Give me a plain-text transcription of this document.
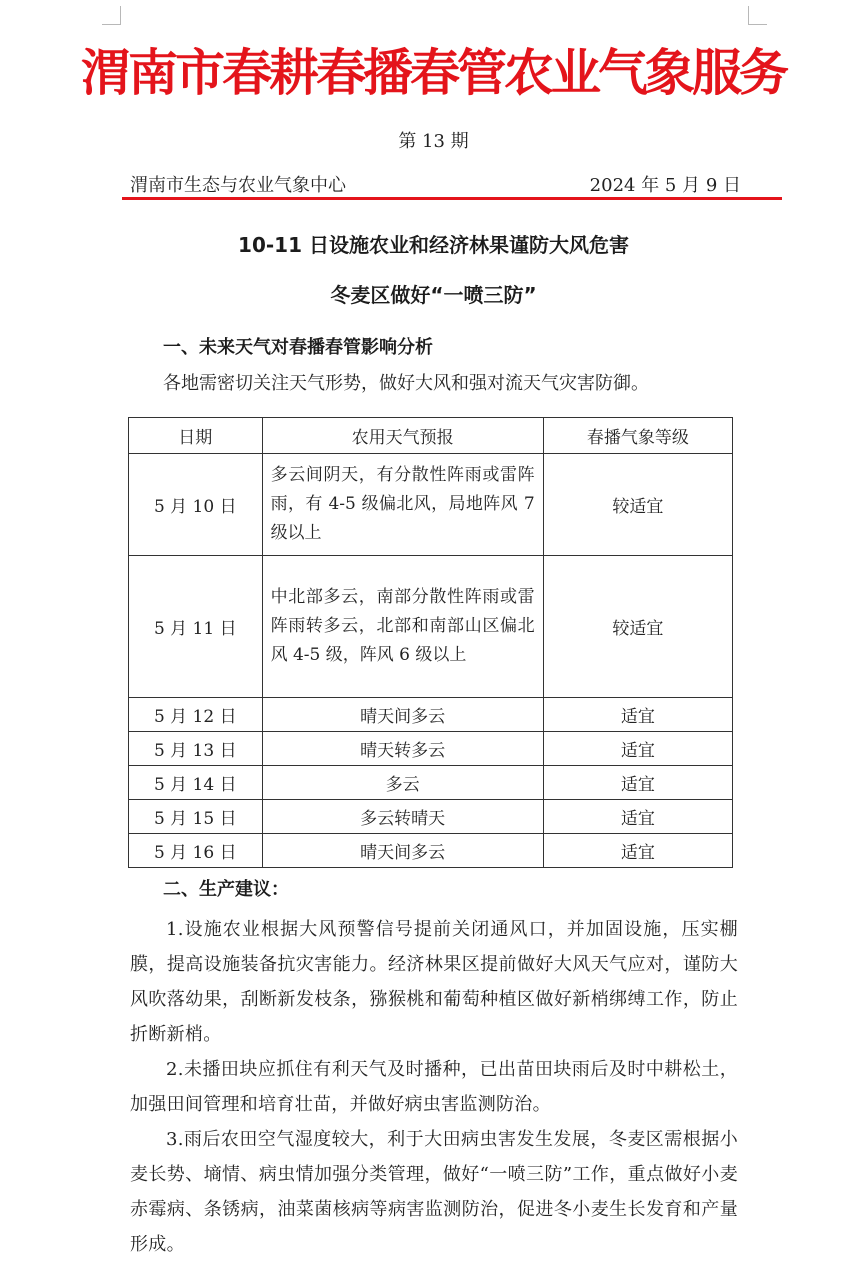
渭南市春耕春播春管农业气象服务
第 13 期
渭南市生态与农业气象中心	2024 年 5 月 9 日
10-11 日设施农业和经济林果谨防大风危害
冬麦区做好“一喷三防”
一、未来天气对春播春管影响分析
各地需密切关注天气形势，做好大风和强对流天气灾害防御。
日期	农用天气预报	春播气象等级
5 月 10 日	多云间阴天，有分散性阵雨或雷阵雨，有 4-5 级偏北风，局地阵风 7 级以上	较适宜
5 月 11 日	中北部多云，南部分散性阵雨或雷阵雨转多云，北部和南部山区偏北风 4-5 级，阵风 6 级以上	较适宜
5 月 12 日	晴天间多云	适宜
5 月 13 日	晴天转多云	适宜
5 月 14 日	多云	适宜
5 月 15 日	多云转晴天	适宜
5 月 16 日	晴天间多云	适宜
二、生产建议：

1.设施农业根据大风预警信号提前关闭通风口，并加固设施，压实棚膜，提高设施装备抗灾害能力。经济林果区提前做好大风天气应对，谨防大风吹落幼果，刮断新发枝条，猕猴桃和葡萄种植区做好新梢绑缚工作，防止折断新梢。

2.未播田块应抓住有利天气及时播种，已出苗田块雨后及时中耕松土，加强田间管理和培育壮苗，并做好病虫害监测防治。

3.雨后农田空气湿度较大，利于大田病虫害发生发展，冬麦区需根据小麦长势、墒情、病虫情加强分类管理，做好“一喷三防”工作，重点做好小麦赤霉病、条锈病，油菜菌核病等病害监测防治，促进冬小麦生长发育和产量形成。
